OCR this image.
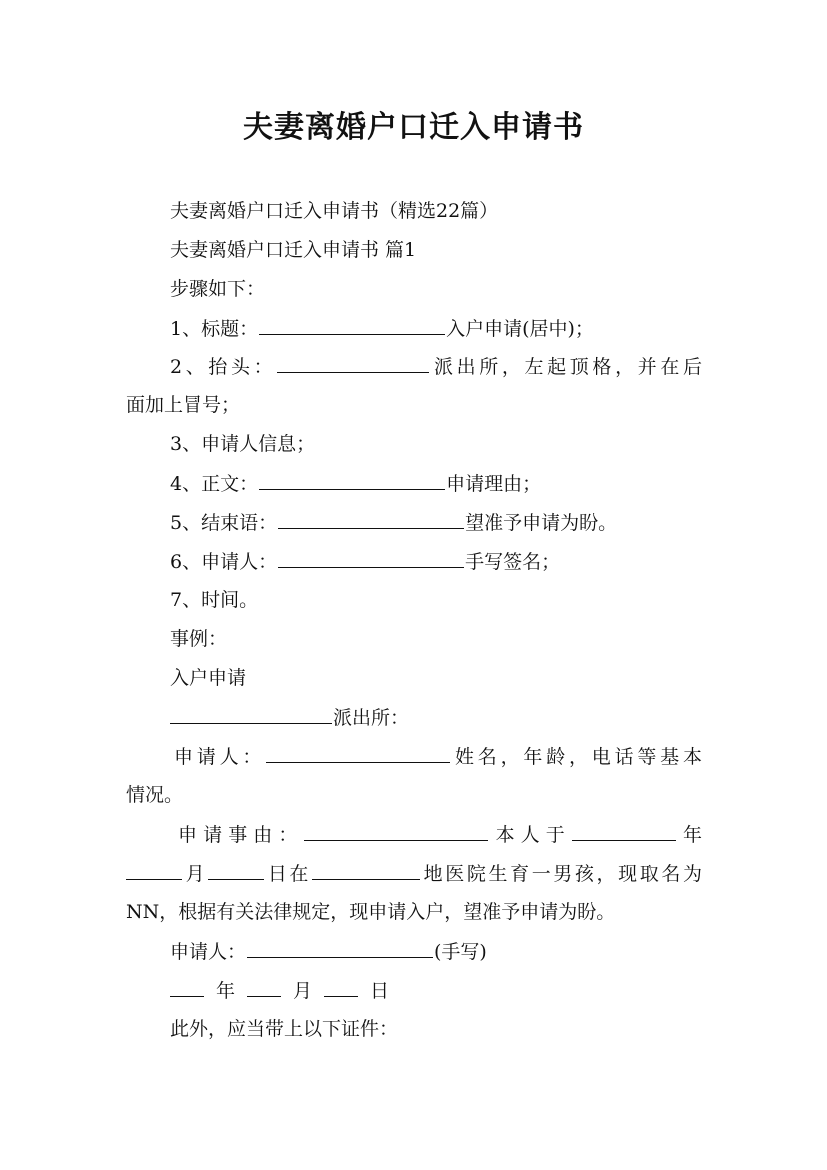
夫妻离婚户口迁入申请书
夫妻离婚户口迁入申请书（精选22篇）
夫妻离婚户口迁入申请书 篇1
步骤如下：
1、标题：	入户申请(居中)；
2、抬头：	派出所，左起顶格，并在后
面加上冒号；
3、申请人信息；
4、正文：	申请理由；
5、结束语：	望准予申请为盼。
6、申请人：	手写签名；
7、时间。
事例：
入户申请
派出所：
申请人：	姓名，年龄，电话等基本
情况。
申请事由：	本人于	年
月	日在	地医院生育一男孩，现取名为
NN，根据有关法律规定，现申请入户，望准予申请为盼。
申请人：	(手写)
年	月	日
此外，应当带上以下证件：
